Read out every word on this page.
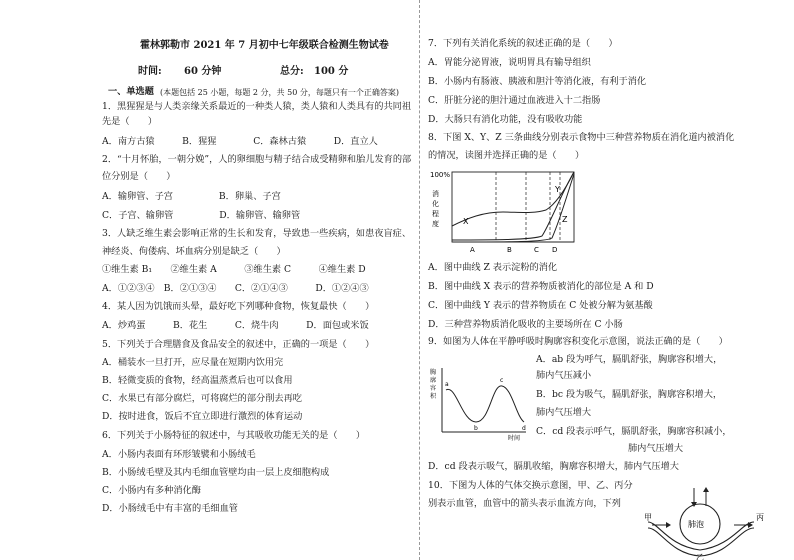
霍林郭勒市 2021 年 7 月初中七年级联合检测生物试卷
时间: 60 分钟	总分: 100 分
一、单选题 (本题包括 25 小题，每题 2 分，共 50 分，每题只有一个正确答案)
1．黑猩猩是与人类亲缘关系最近的一种类人猿，类人猿和人类具有的共同祖
先是（　　）
A．南方古猿　　　B．猩猩　　　　C．森林古猿　　　D．直立人
2．“十月怀胎，一朝分娩”，人的卵细胞与精子结合成受精卵和胎儿发育的部
位分别是（　　）
A．输卵管、子宫　　　　　B．卵巢、子宫
C．子宫、输卵管　　　　　D．输卵管、输卵管
3．人缺乏维生素会影响正常的生长和发育，导致患一些疾病，如患夜盲症、
神经炎、佝偻病、坏血病分别是缺乏（　　）
①维生素 B₁　　②维生素 A　　　③维生素 C　　　④维生素 D
A．①②③④　B．②①③④　　C．②①④③　　　D．①②④③
4．某人因为饥饿而头晕，最好吃下列哪种食物，恢复最快（　　）
A．炒鸡蛋　　　B．花生　　　C．烧牛肉　　　D．面包或米饭
5．下列关于合理膳食及食品安全的叙述中，正确的一项是（　　）
A．桶装水一旦打开，应尽量在短期内饮用完
B．轻微变质的食物，经高温蒸煮后也可以食用
C．水果已有部分腐烂，可将腐烂的部分削去再吃
D．按时进食，饭后不宜立即进行激烈的体育运动
6．下列关于小肠特征的叙述中，与其吸收功能无关的是（　　）
A．小肠内表面有环形皱襞和小肠绒毛
B．小肠绒毛壁及其内毛细血管壁均由一层上皮细胞构成
C．小肠内有多种消化酶
D．小肠绒毛中有丰富的毛细血管
7．下列有关消化系统的叙述正确的是（　　）
A．胃能分泌胃液，说明胃具有输导组织
B．小肠内有肠液、胰液和胆汁等消化液，有利于消化
C．肝脏分泌的胆汁通过血液进入十二指肠
D．大肠只有消化功能，没有吸收功能
8．下图 X、Y、Z 三条曲线分别表示食物中三种营养物质在消化道内被消化
的情况，读图并选择正确的是（　　）
100%
消
化
程
度	X
Y
Z
A	B	C D
A．图中曲线 Z 表示淀粉的消化
B．图中曲线 X 表示的营养物质被消化的部位是 A 和 D
C．图中曲线 Y 表示的营养物质在 C 处被分解为氨基酸
D．三种营养物质消化吸收的主要场所在 C 小肠
9．如图为人体在平静呼吸时胸廓容积变化示意图，说法正确的是（　　）
胸
廓
容
积
a
b
c
d
时间
A．ab 段为呼气，膈肌舒张，胸廓容积增大，
肺内气压减小
B．bc 段为吸气，膈肌舒张，胸廓容积增大，
肺内气压增大
C．cd 段表示呼气，膈肌舒张，胸廓容积减小，
肺内气压增大
D．cd 段表示吸气，膈肌收缩，胸廓容积增大，肺内气压增大
10．下图为人体的气体交换示意图，甲、乙、丙分
别表示血管，血管中的箭头表示血流方向，下列
甲
乙
丙
肺泡
